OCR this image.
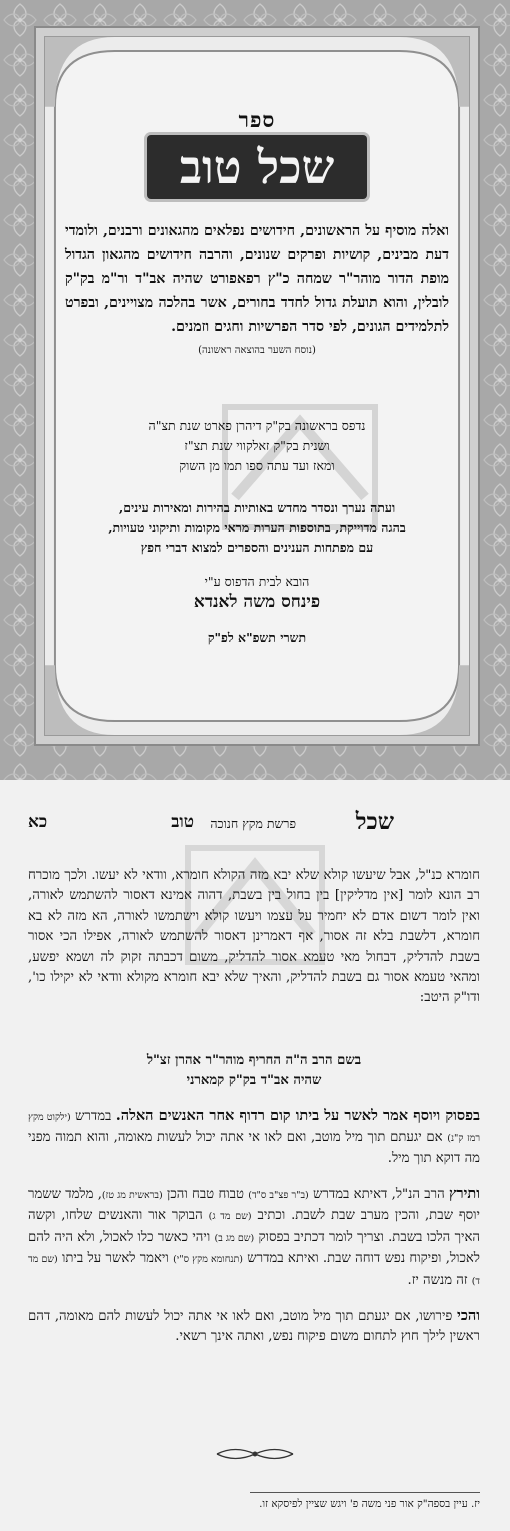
ספר
שכל טוב
ואלה מוסיף על הראשונים, חידושים נפלאים מהגאונים ורבנים, ולומדי דעת מבינים, קושיות ופרקים שנונים, והרבה חידושים מהגאון הגדול מופת הדור מוהר"ר שמחה כ"ץ רפאפורט שהיה אב"ד ור"מ בק"ק לובלין, והוא תועלת גדול לחדד בחורים, אשר בהלכה מצויינים, ובפרט לתלמידים הגונים, לפי סדר הפרשיות וחגים וזמנים.
(נוסח השער בהוצאה ראשונה)
נדפס בראשונה בק"ק דיהרן פארט שנת תצ"ה
ושנית בק"ק זאלקווי שנת תצ"ז
ומאז ועד עתה ספו תמו מן השוק
ועתה נערך ונסדר מחדש באותיות בהירות ומאירות עינים,
בהגה מדוייקת, בתוספות הערות מראי מקומות ותיקוני טעויות,
עם מפתחות הענינים והספרים למצוא דברי חפץ
הובא לבית הדפוס ע"י
פינחס משה לאנדא
תשרי תשפ"א לפ"ק
שכל
פרשת מקץ חנוכה
טוב
כא

חומרא כנ"ל, אבל שיעשו קולא שלא יבא מזה הקולא חומרא, וודאי לא יעשו. ולכך מוכרח רב הונא לומר [אין מדליקין] בין בחול בין בשבת, דהוה אמינא דאסור להשתמש לאורה, ואין לומר דשום אדם לא יחמיר על עצמו ויעשו קולא וישתמשו לאורה, הא מזה לא בא חומרא, דלשבת בלא זה אסור, אף דאמרינן דאסור להשתמש לאורה, אפילו הכי אסור בשבת להדליק, דבחול מאי טעמא אסור להדליק, משום דכבתה זקוק לה ושמא יפשע, ומהאי טעמא אסור גם בשבת להדליק, והאיך שלא יבא חומרא מקולא וודאי לא יקילו כו', ודו"ק היטב:

בשם הרב ה"ה החריף מוהר"ר אהרן זצ"ל
שהיה אב"ד בק"ק קמארני

בפסוק ויוסף אמר לאשר על ביתו קום רדוף אחר האנשים האלה. במדרש (ילקוט מקץ רמז ק"נ) אם יגעתם תוך מיל מוטב, ואם לאו אי אתה יכול לעשות מאומה, והוא תמוה מפני מה דוקא תוך מיל.

ותירץ הרב הנ"ל, דאיתא במדרש (ב"ר פצ"ב ס"ד) טבוח טבח והכן (בראשית מג טז), מלמד ששמר יוסף שבת, והכין מערב שבת לשבת. וכתיב (שם מד ג) הבוקר אור והאנשים שלחו, וקשה האיך הלכו בשבת. וצריך לומר דכתיב בפסוק (שם מג ב) ויהי כאשר כלו לאכול, ולא היה להם לאכול, ופיקוח נפש דוחה שבת. ואיתא במדרש (תנחומא מקץ ס"י) ויאמר לאשר על ביתו (שם מד ד) זה מנשה יז.

והכי פירושו, אם יגעתם תוך מיל מוטב, ואם לאו אי אתה יכול לעשות להם מאומה, דהם ראשין לילך חוץ לתחום משום פיקוח נפש, ואתה אינך רשאי.

יז. עיין בספה"ק אור פני משה פ' ויגש שציין לפיסקא זו.
